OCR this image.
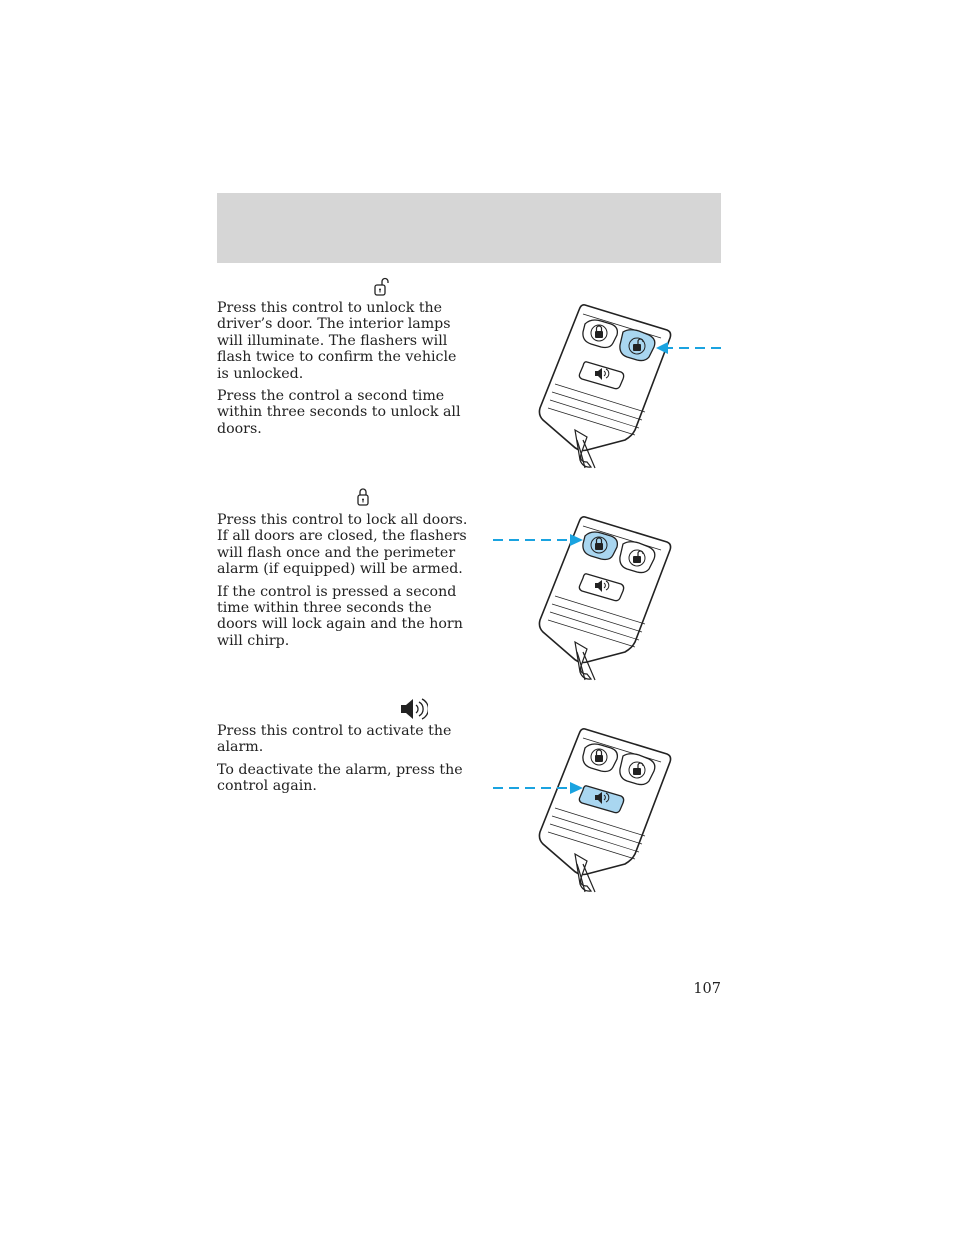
Press this control to unlock the driver’s door. The interior lamps will illuminate. The flashers will flash twice to confirm the vehicle is unlocked.

Press the control a second time within three seconds to unlock all doors.

Press this control to lock all doors. If all doors are closed, the flashers will flash once and the perimeter alarm (if equipped) will be armed.

If the control is pressed a second time within three seconds the doors will lock again and the horn will chirp.

Press this control to activate the alarm.

To deactivate the alarm, press the control again.

107
